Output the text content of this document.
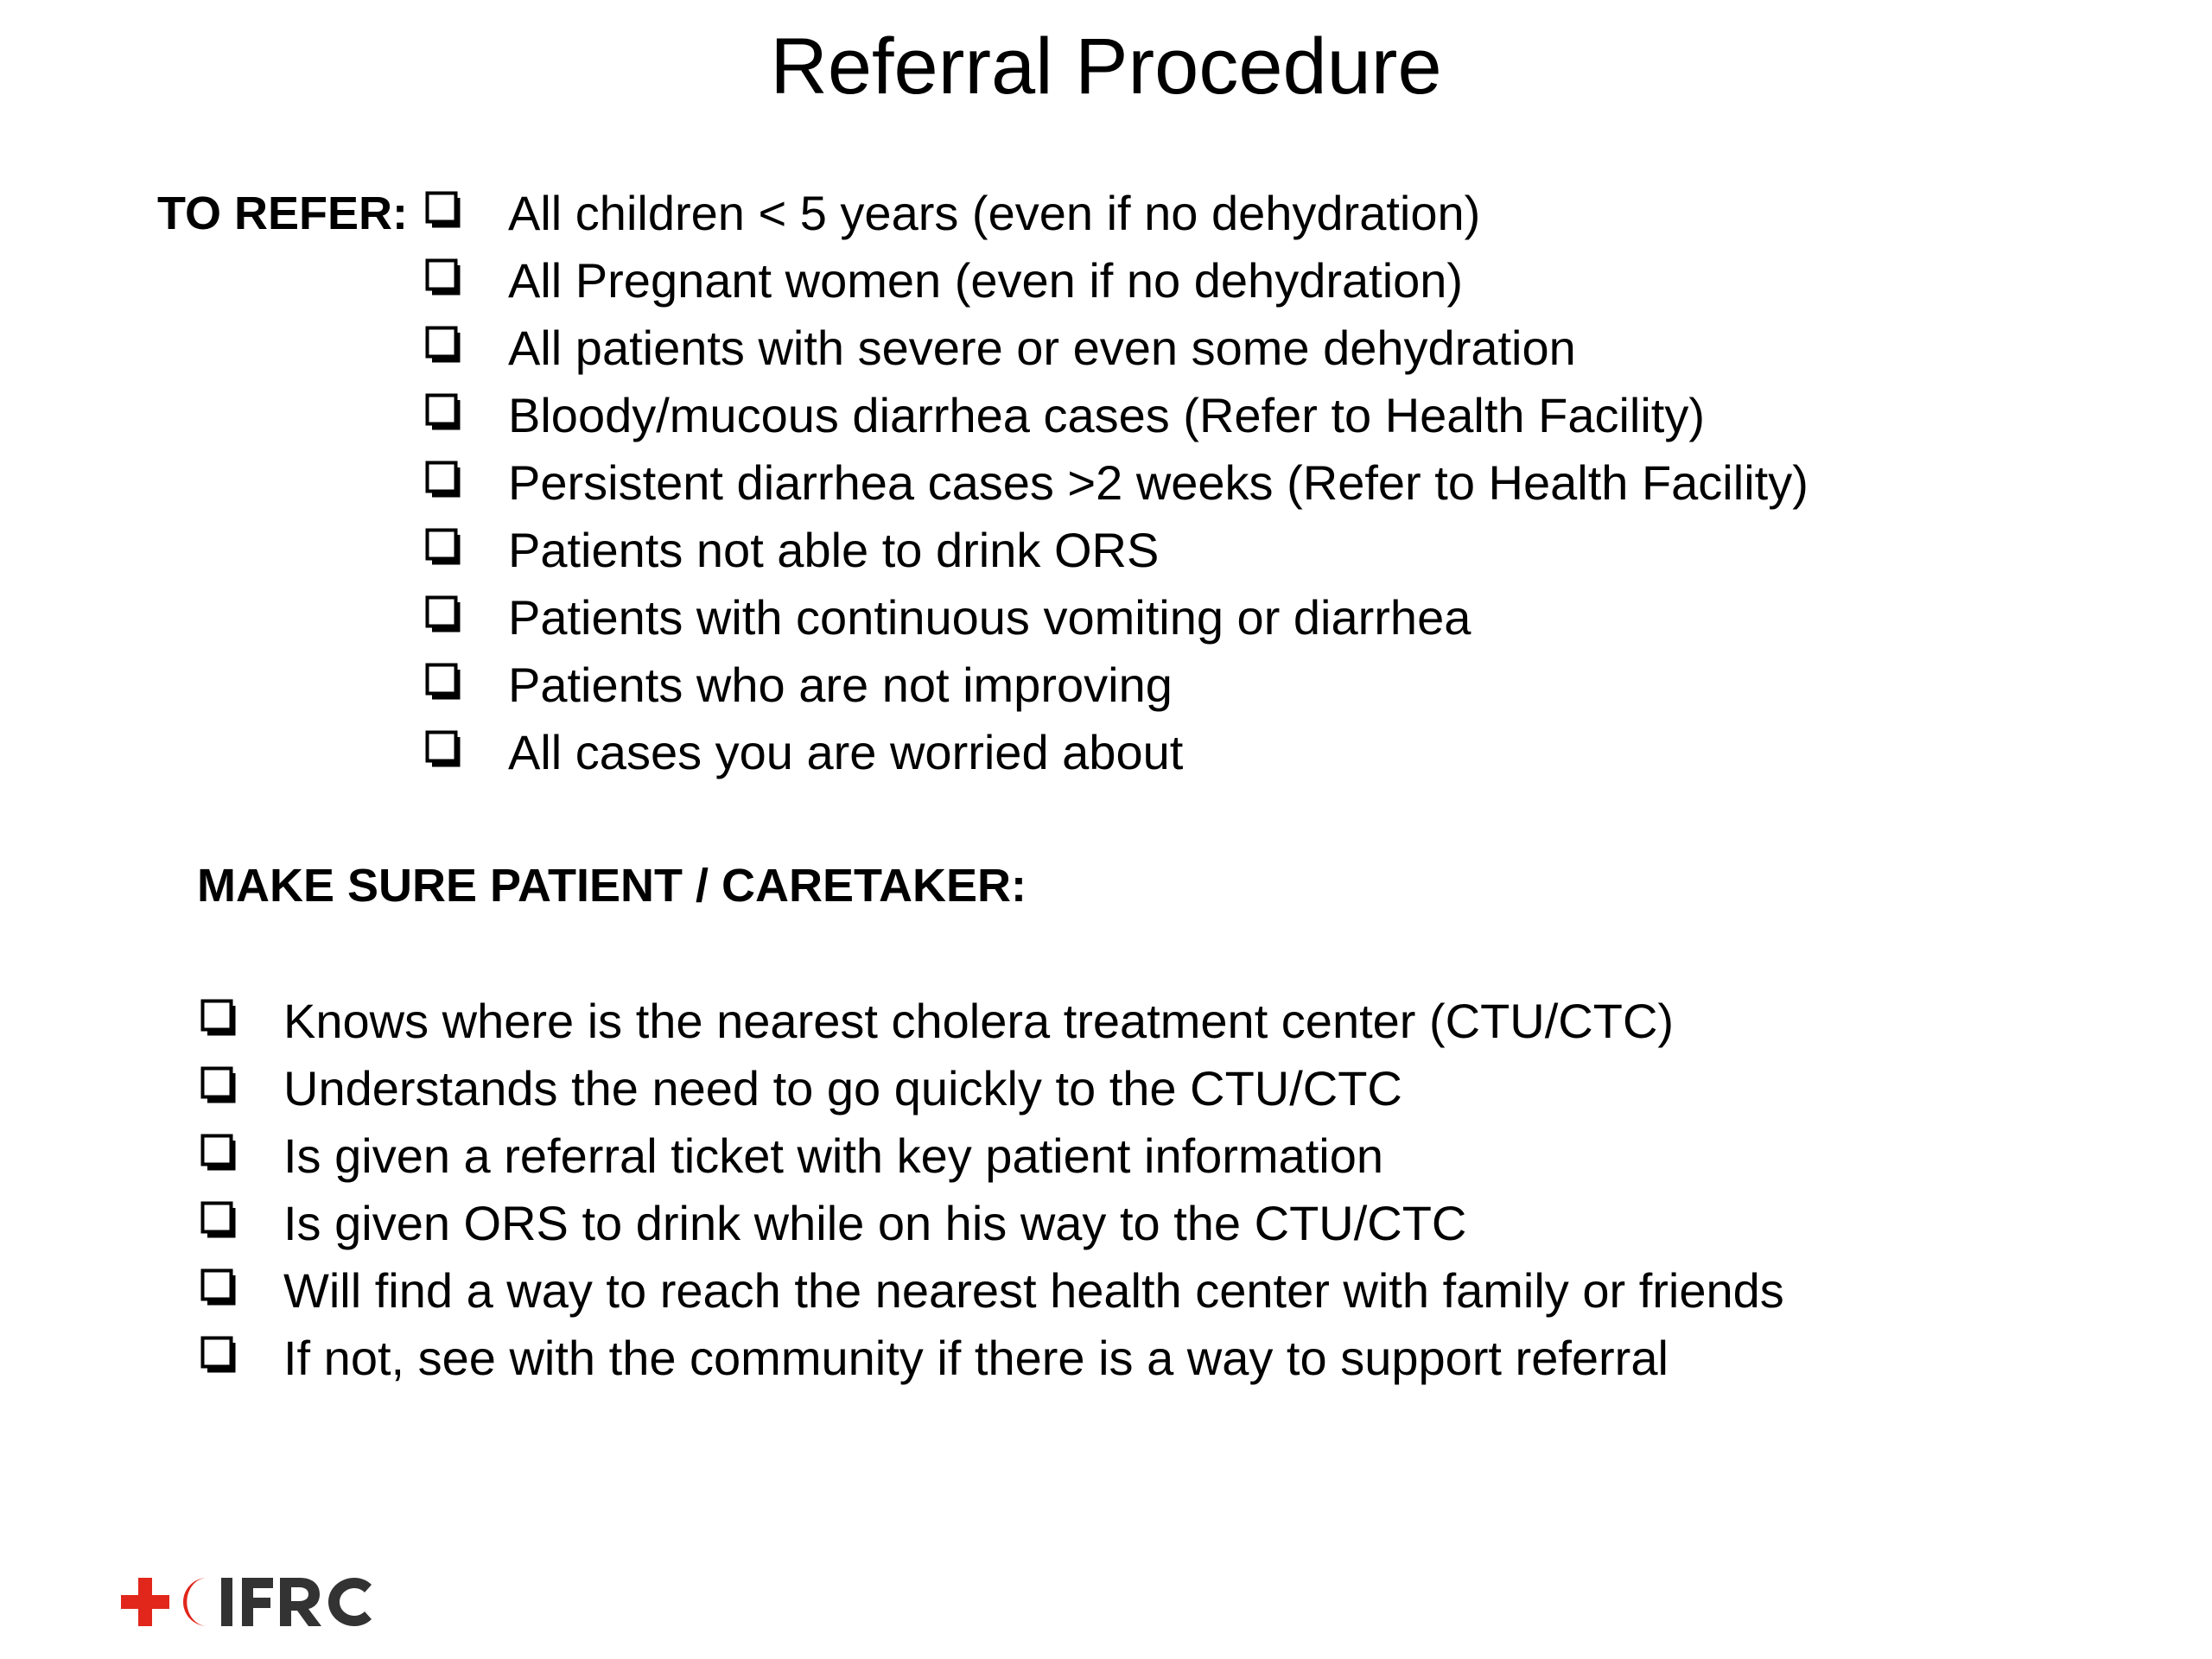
Referral Procedure
TO REFER: All children < 5 years (even if no dehydration)
All Pregnant women (even if no dehydration)
All patients with severe or even some dehydration
Bloody/mucous diarrhea cases (Refer to Health Facility)
Persistent diarrhea cases >2 weeks (Refer to Health Facility)
Patients not able to drink ORS
Patients with continuous vomiting or diarrhea
Patients who are not improving
All cases you are worried about
MAKE SURE PATIENT / CARETAKER:
Knows where is the nearest cholera treatment center (CTU/CTC)
Understands the need to go quickly to the CTU/CTC
Is given a referral ticket with key patient information
Is given ORS to drink while on his way to the CTU/CTC
Will find a way to reach the nearest health center with family or friends
If not, see with the community if there is a way to support referral
